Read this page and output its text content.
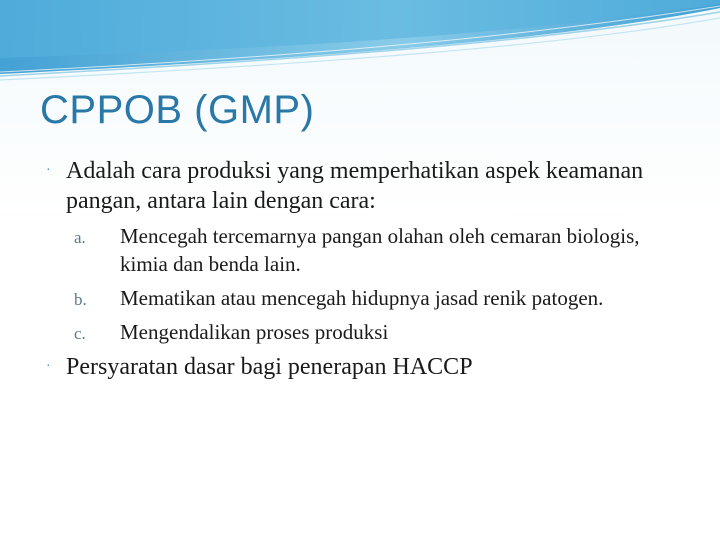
CPPOB (GMP)

· Adalah cara produksi yang memperhatikan aspek keamanan pangan, antara lain dengan cara:

a. Mencegah tercemarnya pangan olahan oleh cemaran biologis, kimia dan benda lain.
b. Mematikan atau mencegah hidupnya jasad renik patogen.
c. Mengendalikan proses produksi

· Persyaratan dasar bagi penerapan HACCP
